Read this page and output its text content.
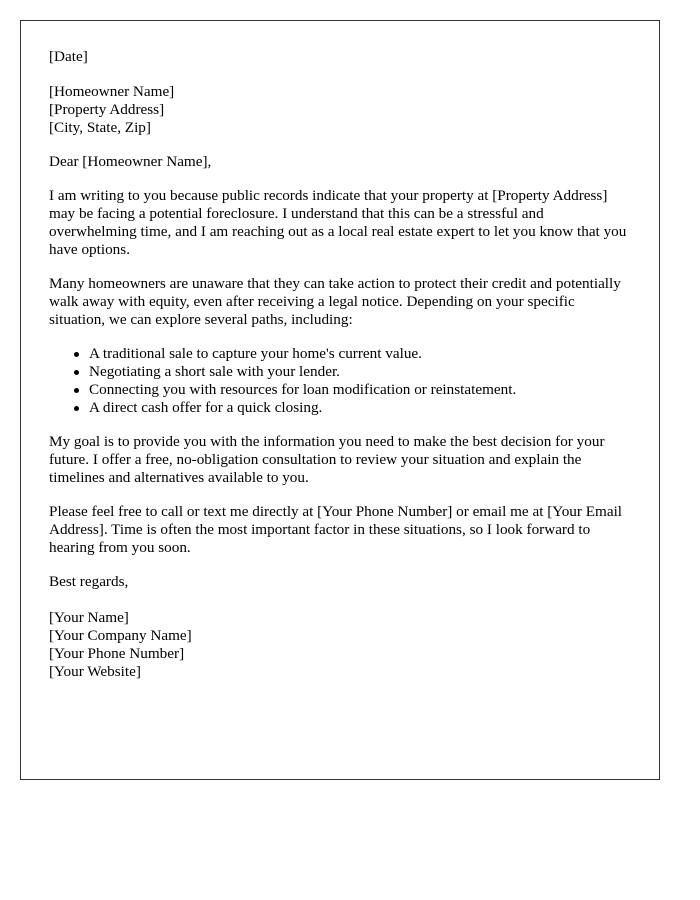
[Date]
[Homeowner Name]
[Property Address]
[City, State, Zip]

Dear [Homeowner Name],

I am writing to you because public records indicate that your property at [Property Address] may be facing a potential foreclosure. I understand that this can be a stressful and overwhelming time, and I am reaching out as a local real estate expert to let you know that you have options.

Many homeowners are unaware that they can take action to protect their credit and potentially walk away with equity, even after receiving a legal notice. Depending on your specific situation, we can explore several paths, including:

A traditional sale to capture your home's current value.
Negotiating a short sale with your lender.
Connecting you with resources for loan modification or reinstatement.
A direct cash offer for a quick closing.

My goal is to provide you with the information you need to make the best decision for your future. I offer a free, no-obligation consultation to review your situation and explain the timelines and alternatives available to you.

Please feel free to call or text me directly at [Your Phone Number] or email me at [Your Email Address]. Time is often the most important factor in these situations, so I look forward to hearing from you soon.

Best regards,

[Your Name]
[Your Company Name]
[Your Phone Number]
[Your Website]
